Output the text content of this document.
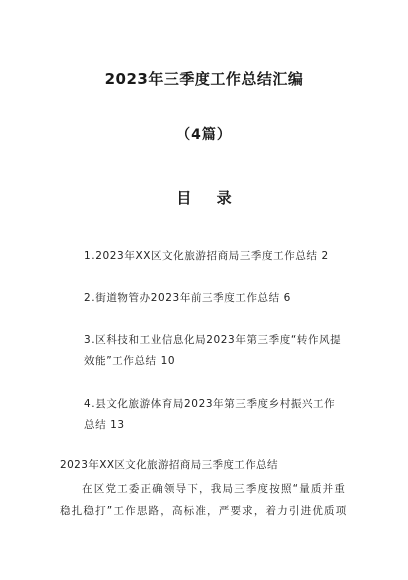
2023年三季度工作总结汇编
（4篇）
目 录
1.2023年XX区文化旅游招商局三季度工作总结 2
2.街道物管办2023年前三季度工作总结 6
3.区科技和工业信息化局2023年第三季度“转作风提效能”工作总结 10
4.县文化旅游体育局2023年第三季度乡村振兴工作总结 13
2023年XX区文化旅游招商局三季度工作总结
在区党工委正确领导下，我局三季度按照“量质并重稳扎稳打”工作思路，高标准，严要求，着力引进优质项
